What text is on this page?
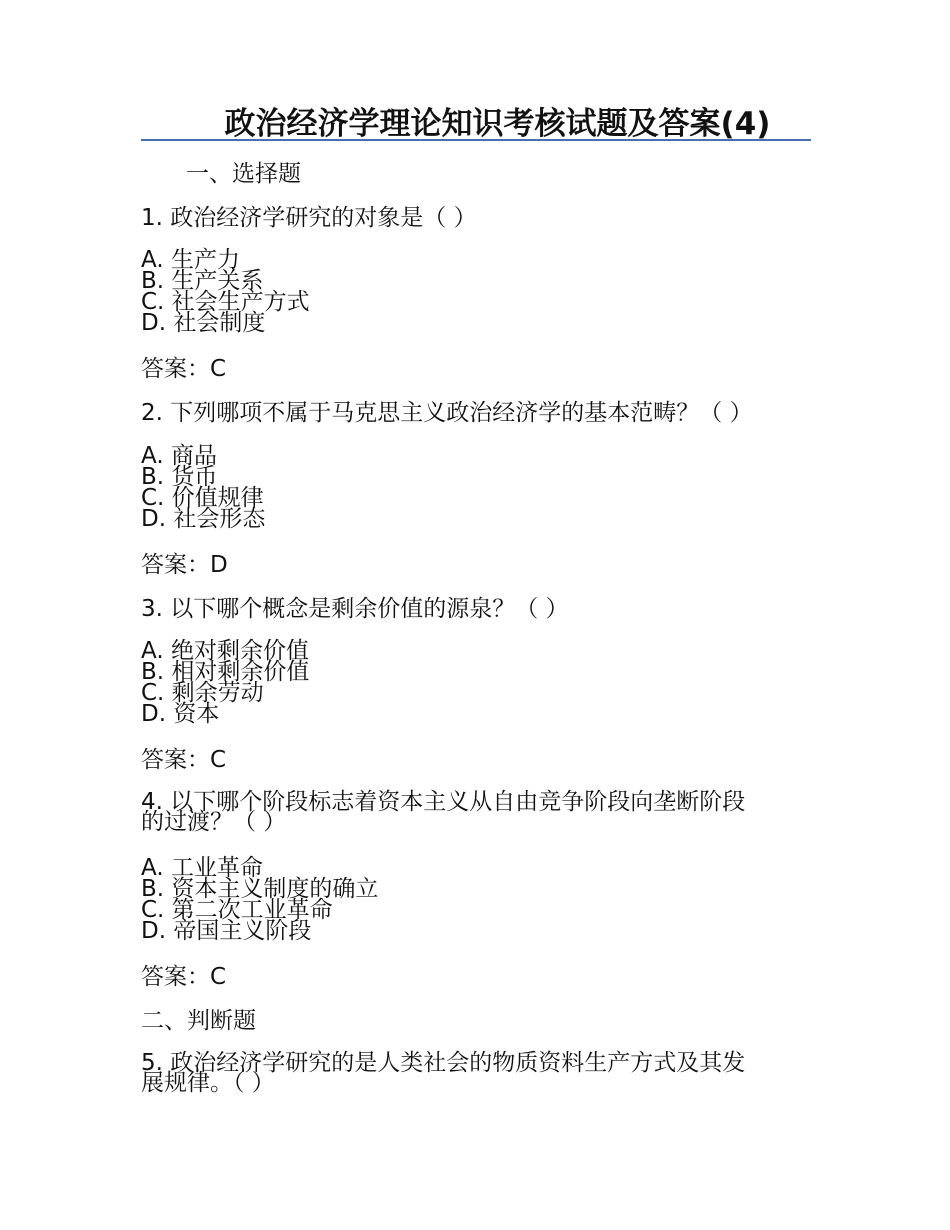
政治经济学理论知识考核试题及答案(4)
一、选择题
1. 政治经济学研究的对象是（ ）
A. 生产力
B. 生产关系
C. 社会生产方式
D. 社会制度
答案：C
2. 下列哪项不属于马克思主义政治经济学的基本范畴？（ ）
A. 商品
B. 货币
C. 价值规律
D. 社会形态
答案：D
3. 以下哪个概念是剩余价值的源泉？（ ）
A. 绝对剩余价值
B. 相对剩余价值
C. 剩余劳动
D. 资本
答案：C
4. 以下哪个阶段标志着资本主义从自由竞争阶段向垄断阶段
的过渡？（ ）
A. 工业革命
B. 资本主义制度的确立
C. 第二次工业革命
D. 帝国主义阶段
答案：C
二、判断题
5. 政治经济学研究的是人类社会的物质资料生产方式及其发
展规律。（ ）
